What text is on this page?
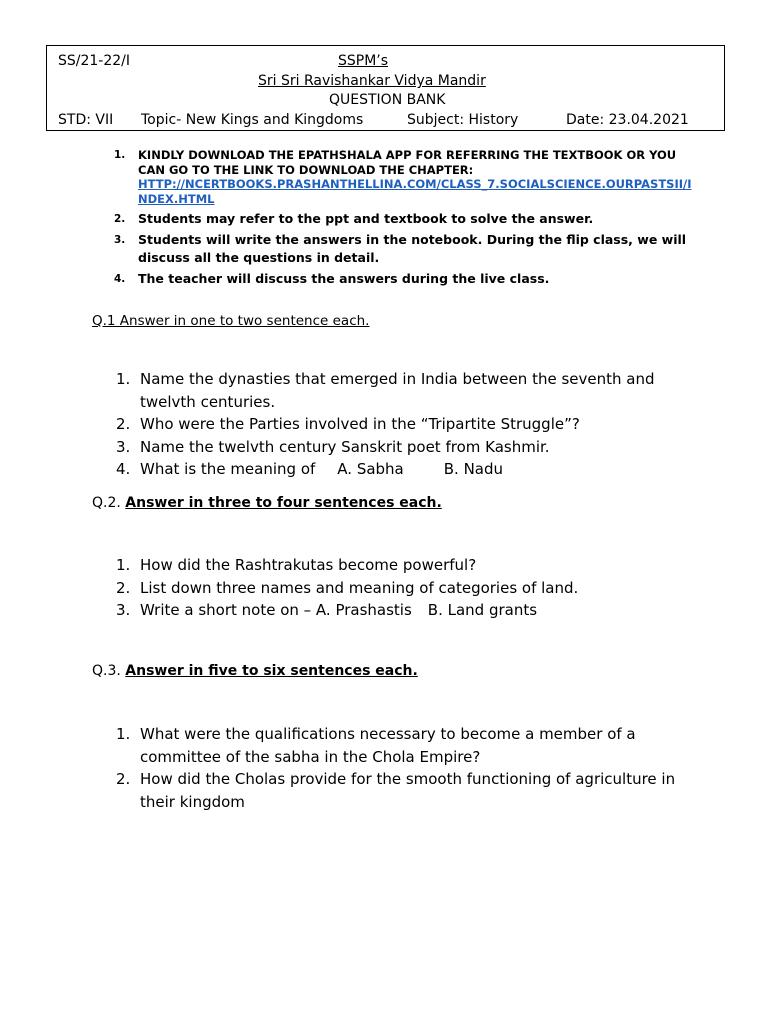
SS/21-22/I	SSPM’s
Sri Sri Ravishankar Vidya Mandir
QUESTION BANK
STD: VII Topic- New Kings and Kingdoms	Subject: History	Date: 23.04.2021
1. KINDLY DOWNLOAD THE EPATHSHALA APP FOR REFERRING THE TEXTBOOK OR YOU CAN GO TO THE LINK TO DOWNLOAD THE CHAPTER:
HTTP://NCERTBOOKS.PRASHANTHELLINA.COM/CLASS_7.SOCIALSCIENCE.OURPASTSII/INDEX.HTML
2. Students may refer to the ppt and textbook to solve the answer.
3. Students will write the answers in the notebook. During the flip class, we will discuss all the questions in detail.
4. The teacher will discuss the answers during the live class.
Q.1 Answer in one to two sentence each.
1. Name the dynasties that emerged in India between the seventh and twelvth centuries.
2. Who were the Parties involved in the “Tripartite Struggle”?
3. Name the twelvth century Sanskrit poet from Kashmir.
4. What is the meaning of A. Sabha	B. Nadu
Q.2. Answer in three to four sentences each.
1. How did the Rashtrakutas become powerful?
2. List down three names and meaning of categories of land.
3. Write a short note on – A. Prashastis B. Land grants
Q.3. Answer in five to six sentences each.
1. What were the qualifications necessary to become a member of a committee of the sabha in the Chola Empire?
2. How did the Cholas provide for the smooth functioning of agriculture in their kingdom
